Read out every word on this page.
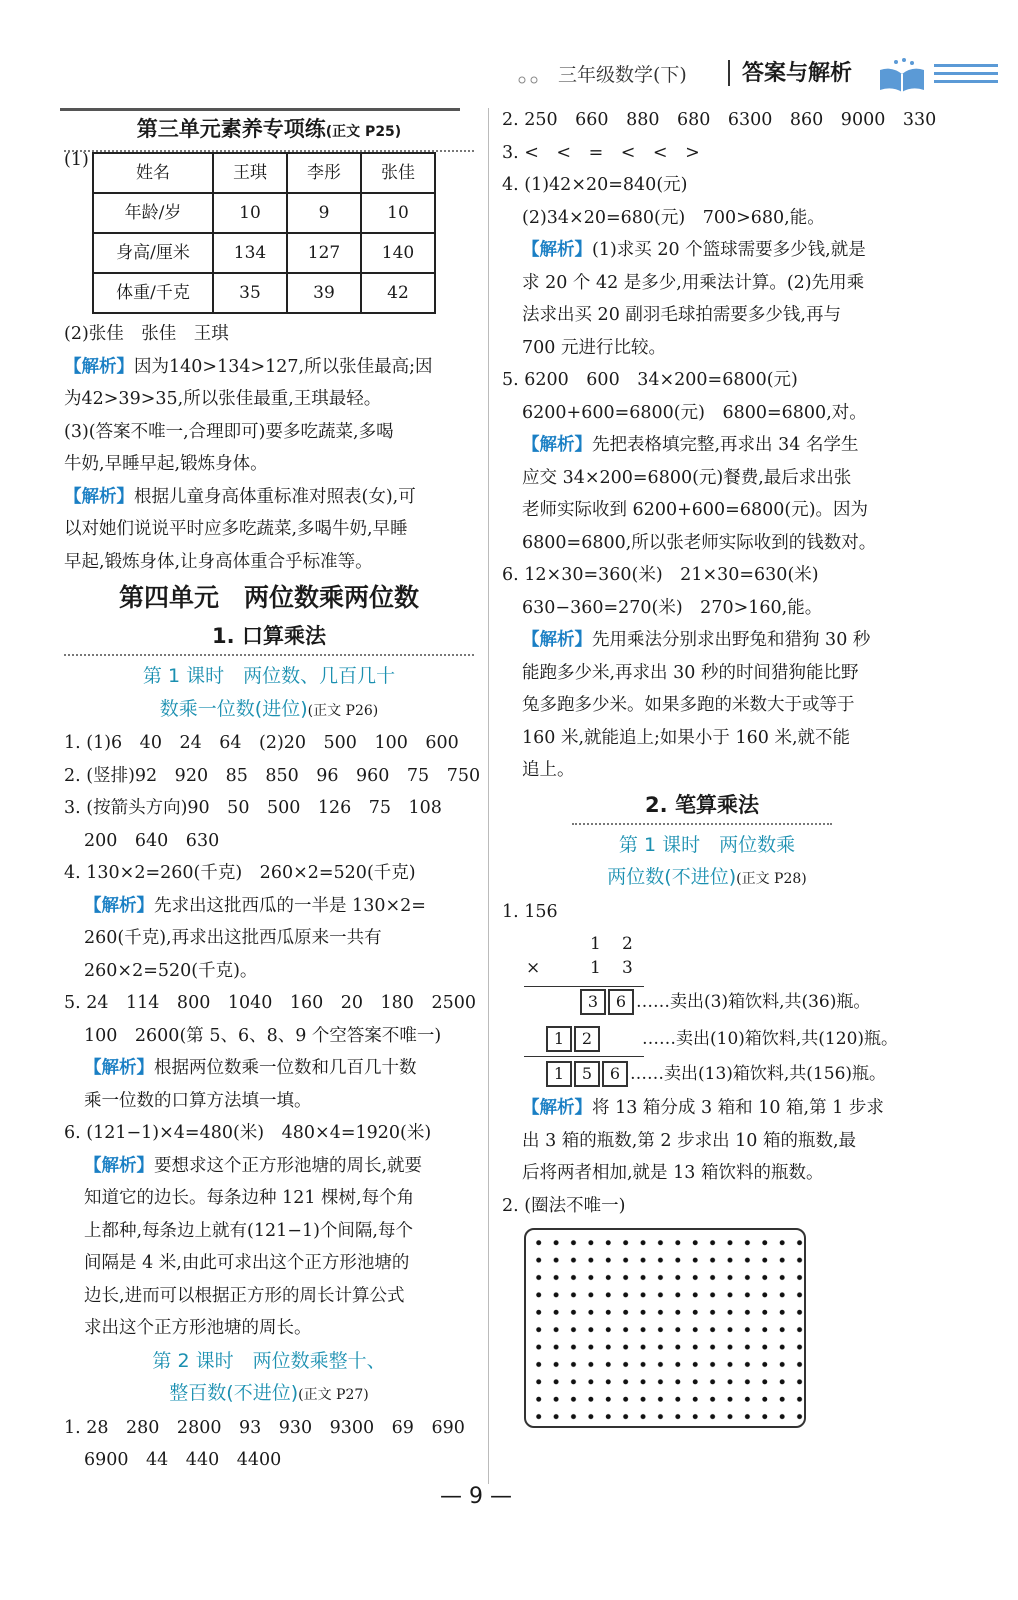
三年级数学(下)	答案与解析

第三单元素养专项练(正文 P25)

(1)
姓名	王琪	李彤	张佳
年龄/岁	10	9	10
身高/厘米	134	127	140
体重/千克	35	39	42

(2)张佳　张佳　王琪

【解析】因为140>134>127,所以张佳最高;因

为42>39>35,所以张佳最重,王琪最轻。

(3)(答案不唯一,合理即可)要多吃蔬菜,多喝

牛奶,早睡早起,锻炼身体。

【解析】根据儿童身高体重标准对照表(女),可

以对她们说说平时应多吃蔬菜,多喝牛奶,早睡

早起,锻炼身体,让身高体重合乎标准等。

第四单元　两位数乘两位数

1. 口算乘法

第 1 课时　两位数、几百几十

数乘一位数(进位)(正文 P26)

1. (1)6　40　24　64　(2)20　500　100　600

2. (竖排)92　920　85　850　96　960　75　750

3. (按箭头方向)90　50　500　126　75　108

200　640　630

4. 130×2=260(千克)　260×2=520(千克)

【解析】先求出这批西瓜的一半是 130×2=

260(千克),再求出这批西瓜原来一共有

260×2=520(千克)。

5. 24　114　800　1040　160　20　180　2500

100　2600(第 5、6、8、9 个空答案不唯一)

【解析】根据两位数乘一位数和几百几十数

乘一位数的口算方法填一填。

6. (121−1)×4=480(米)　480×4=1920(米)

【解析】要想求这个正方形池塘的周长,就要

知道它的边长。每条边种 121 棵树,每个角

上都种,每条边上就有(121−1)个间隔,每个

间隔是 4 米,由此可求出这个正方形池塘的

边长,进而可以根据正方形的周长计算公式

求出这个正方形池塘的周长。

第 2 课时　两位数乘整十、

整百数(不进位)(正文 P27)

1. 28　280　2800　93　930　9300　69　690

6900　44　440　4400

2. 250　660　880　680　6300　860　9000　330

3. <　<　=　<　<　>

4. (1)42×20=840(元)

(2)34×20=680(元)　700>680,能。

【解析】(1)求买 20 个篮球需要多少钱,就是

求 20 个 42 是多少,用乘法计算。(2)先用乘

法求出买 20 副羽毛球拍需要多少钱,再与

700 元进行比较。

5. 6200　600　34×200=6800(元)

6200+600=6800(元)　6800=6800,对。

【解析】先把表格填完整,再求出 34 名学生

应交 34×200=6800(元)餐费,最后求出张

老师实际收到 6200+600=6800(元)。因为

6800=6800,所以张老师实际收到的钱数对。

6. 12×30=360(米)　21×30=630(米)

630−360=270(米)　270>160,能。

【解析】先用乘法分别求出野兔和猎狗 30 秒

能跑多少米,再求出 30 秒的时间猎狗能比野

兔多跑多少米。如果多跑的米数大于或等于

160 米,就能追上;如果小于 160 米,就不能

追上。

2. 笔算乘法

第 1 课时　两位数乘

两位数(不进位)(正文 P28)

1. 156

1 2
×	1 3
3 6 ……卖出(3)箱饮料,共(36)瓶。
1 2	……卖出(10)箱饮料,共(120)瓶。
1 5 6 ……卖出(13)箱饮料,共(156)瓶。

【解析】将 13 箱分成 3 箱和 10 箱,第 1 步求

出 3 箱的瓶数,第 2 步求出 10 箱的瓶数,最

后将两者相加,就是 13 箱饮料的瓶数。

2. (圈法不唯一)

— 9 —
